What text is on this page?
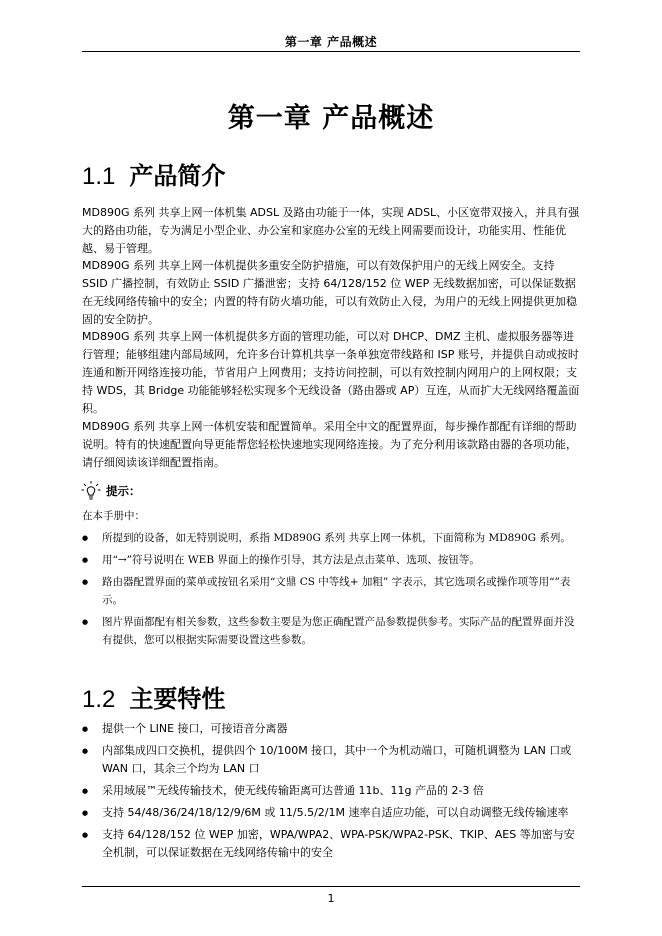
第一章 产品概述
第一章 产品概述
1.1 产品简介

MD890G 系列 共享上网一体机集 ADSL 及路由功能于一体，实现 ADSL、小区宽带双接入，并具有强大的路由功能，专为满足小型企业、办公室和家庭办公室的无线上网需要而设计，功能实用、性能优越、易于管理。

MD890G 系列 共享上网一体机提供多重安全防护措施，可以有效保护用户的无线上网安全。支持 SSID 广播控制，有效防止 SSID 广播泄密；支持 64/128/152 位 WEP 无线数据加密，可以保证数据在无线网络传输中的安全；内置的特有防火墙功能，可以有效防止入侵，为用户的无线上网提供更加稳固的安全防护。

MD890G 系列 共享上网一体机提供多方面的管理功能，可以对 DHCP、DMZ 主机、虚拟服务器等进行管理；能够组建内部局域网，允许多台计算机共享一条单独宽带线路和 ISP 账号，并提供自动或按时连通和断开网络连接功能，节省用户上网费用；支持访问控制，可以有效控制内网用户的上网权限；支持 WDS，其 Bridge 功能能够轻松实现多个无线设备（路由器或 AP）互连，从而扩大无线网络覆盖面积。

MD890G 系列 共享上网一体机安装和配置简单。采用全中文的配置界面，每步操作都配有详细的帮助说明。特有的快速配置向导更能帮您轻松快速地实现网络连接。为了充分利用该款路由器的各项功能，请仔细阅读该详细配置指南。

提示：
在本手册中：
● 所提到的设备，如无特别说明，系指 MD890G 系列 共享上网一体机，下面简称为 MD890G 系列。
● 用“→”符号说明在 WEB 界面上的操作引导，其方法是点击菜单、选项、按钮等。
● 路由器配置界面的菜单或按钮名采用“文鼎 CS 中等线+ 加粗” 字表示，其它选项名或操作项等用“”表示。
● 图片界面都配有相关参数，这些参数主要是为您正确配置产品参数提供参考。实际产品的配置界面并没有提供，您可以根据实际需要设置这些参数。
1.2 主要特性
● 提供一个 LINE 接口，可接语音分离器
● 内部集成四口交换机，提供四个 10/100M 接口，其中一个为机动端口，可随机调整为 LAN 口或 WAN 口，其余三个均为 LAN 口
● 采用域展™无线传输技术，使无线传输距离可达普通 11b、11g 产品的 2-3 倍
● 支持 54/48/36/24/18/12/9/6M 或 11/5.5/2/1M 速率自适应功能，可以自动调整无线传输速率
● 支持 64/128/152 位 WEP 加密，WPA/WPA2、WPA-PSK/WPA2-PSK、TKIP、AES 等加密与安全机制，可以保证数据在无线网络传输中的安全
1
